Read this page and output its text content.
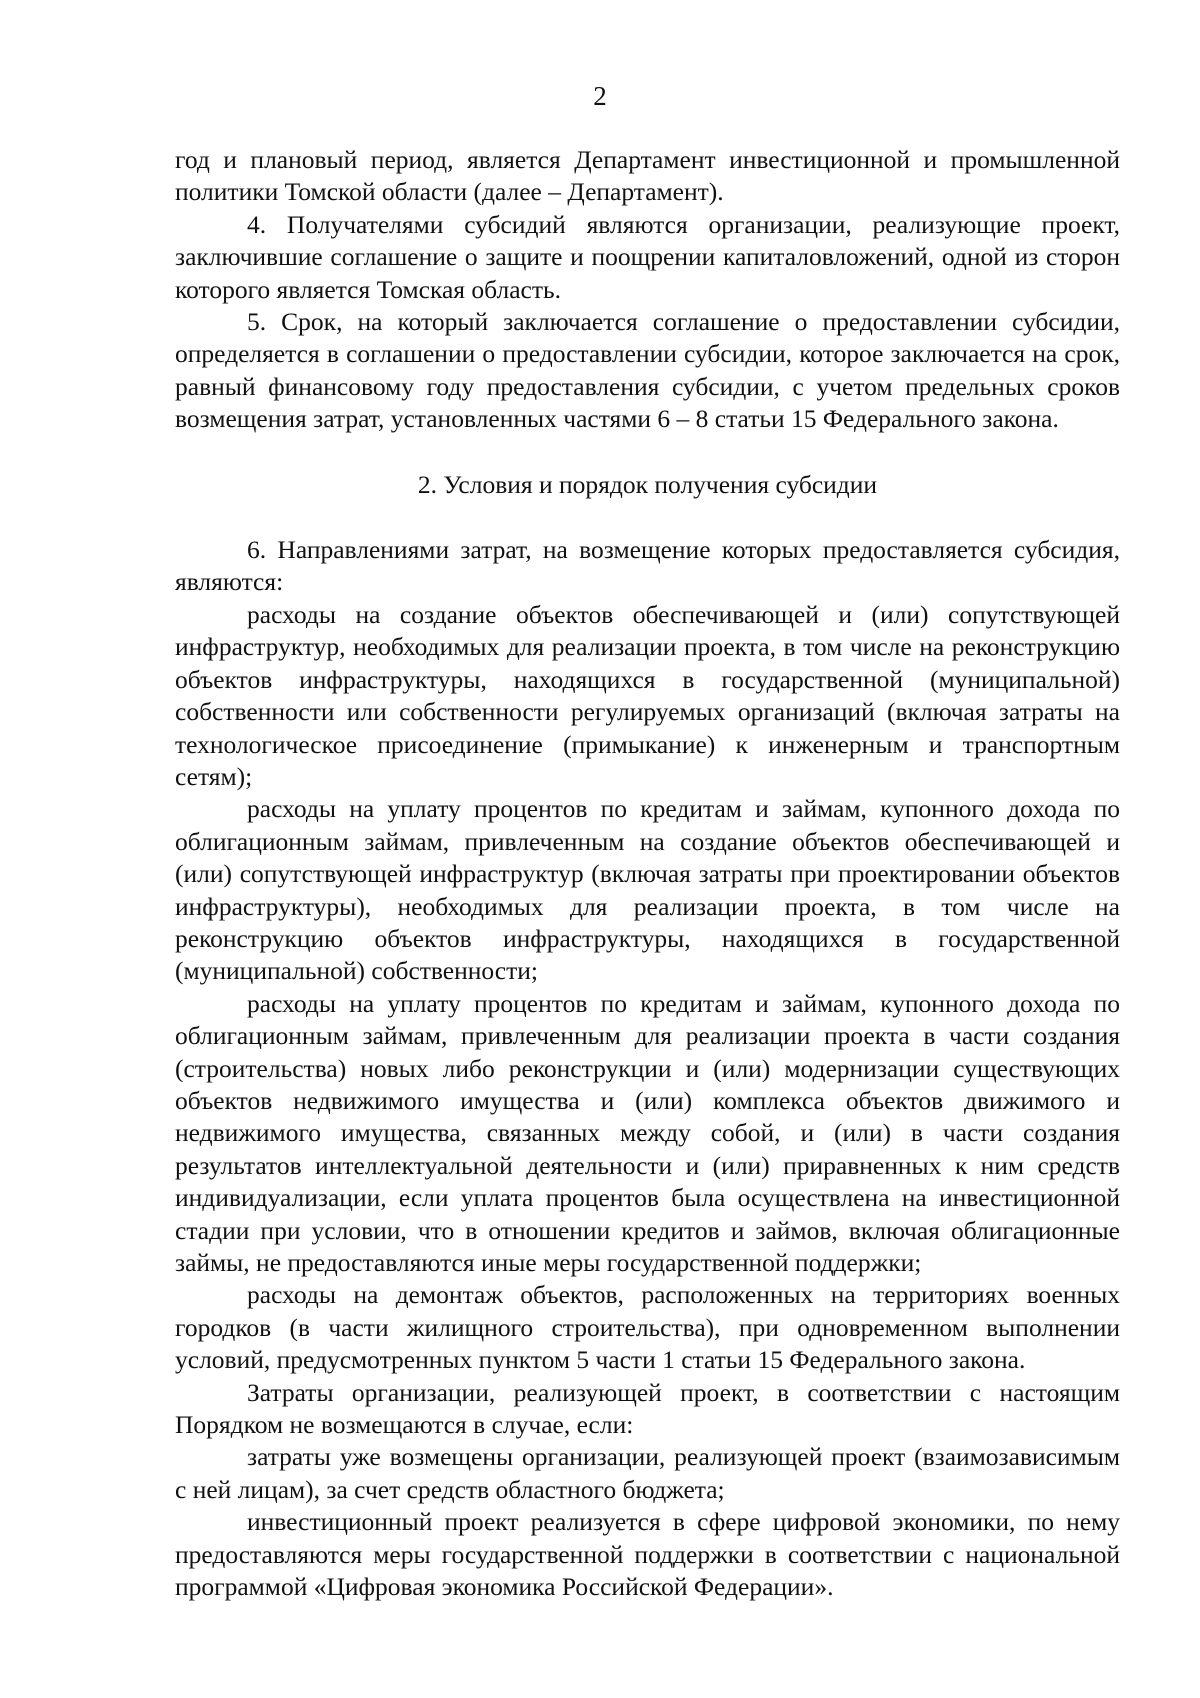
2

год и плановый период, является Департамент инвестиционной и промышленной политики Томской области (далее – Департамент).

4. Получателями субсидий являются организации, реализующие проект, заключившие соглашение о защите и поощрении капиталовложений, одной из сторон которого является Томская область.

5. Срок, на который заключается соглашение о предоставлении субсидии, определяется в соглашении о предоставлении субсидии, которое заключается на срок, равный финансовому году предоставления субсидии, с учетом предельных сроков возмещения затрат, установленных частями 6 – 8 статьи 15 Федерального закона.

2. Условия и порядок получения субсидии

6. Направлениями затрат, на возмещение которых предоставляется субсидия, являются:

расходы на создание объектов обеспечивающей и (или) сопутствующей инфраструктур, необходимых для реализации проекта, в том числе на реконструкцию объектов инфраструктуры, находящихся в государственной (муниципальной) собственности или собственности регулируемых организаций (включая затраты на технологическое присоединение (примыкание) к инженерным и транспортным сетям);

расходы на уплату процентов по кредитам и займам, купонного дохода по облигационным займам, привлеченным на создание объектов обеспечивающей и (или) сопутствующей инфраструктур (включая затраты при проектировании объектов инфраструктуры), необходимых для реализации проекта, в том числе на реконструкцию объектов инфраструктуры, находящихся в государственной (муниципальной) собственности;

расходы на уплату процентов по кредитам и займам, купонного дохода по облигационным займам, привлеченным для реализации проекта в части создания (строительства) новых либо реконструкции и (или) модернизации существующих объектов недвижимого имущества и (или) комплекса объектов движимого и недвижимого имущества, связанных между собой, и (или) в части создания результатов интеллектуальной деятельности и (или) приравненных к ним средств индивидуализации, если уплата процентов была осуществлена на инвестиционной стадии при условии, что в отношении кредитов и займов, включая облигационные займы, не предоставляются иные меры государственной поддержки;

расходы на демонтаж объектов, расположенных на территориях военных городков (в части жилищного строительства), при одновременном выполнении условий, предусмотренных пунктом 5 части 1 статьи 15 Федерального закона.

Затраты организации, реализующей проект, в соответствии с настоящим Порядком не возмещаются в случае, если:

затраты уже возмещены организации, реализующей проект (взаимозависимым с ней лицам), за счет средств областного бюджета;

инвестиционный проект реализуется в сфере цифровой экономики, по нему предоставляются меры государственной поддержки в соответствии с национальной программой «Цифровая экономика Российской Федерации».
